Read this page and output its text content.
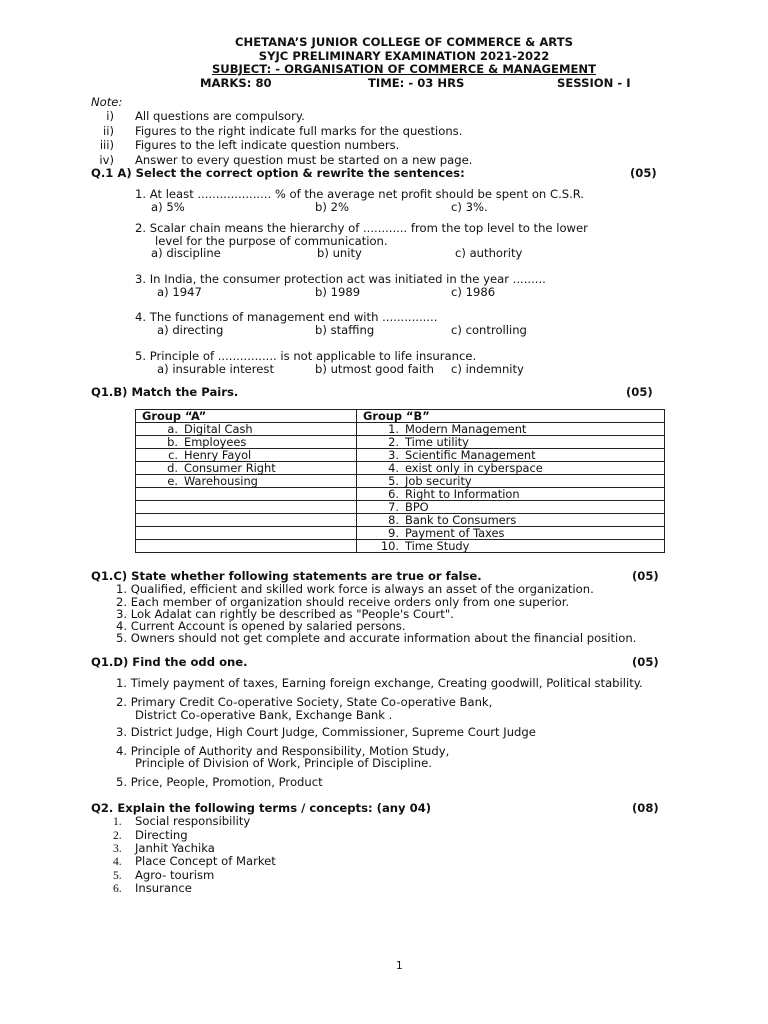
CHETANA’S JUNIOR COLLEGE OF COMMERCE & ARTS
SYJC PRELIMINARY EXAMINATION 2021-2022
SUBJECT: - ORGANISATION OF COMMERCE & MANAGEMENT
MARKS: 80	TIME: - 03 HRS	SESSION - I
Note:
i) All questions are compulsory.
ii) Figures to the right indicate full marks for the questions.
iii) Figures to the left indicate question numbers.
iv) Answer to every question must be started on a new page.
Q.1 A) Select the correct option & rewrite the sentences:	(05)
1. At least .................... % of the average net profit should be spent on C.S.R.
a) 5%	b) 2%	c) 3%.
2. Scalar chain means the hierarchy of ............ from the top level to the lower
level for the purpose of communication.
a) discipline	b) unity	c) authority
3. In India, the consumer protection act was initiated in the year .........
a) 1947	b) 1989	c) 1986
4. The functions of management end with ...............
a) directing	b) staffing	c) controlling
5. Principle of ................ is not applicable to life insurance.
a) insurable interest	b) utmost good faith c) indemnity
Q1.B) Match the Pairs.	(05)
Group “A”	Group “B”
a. Digital Cash	1. Modern Management
b. Employees	2. Time utility
c. Henry Fayol	3. Scientific Management
d. Consumer Right	4. exist only in cyberspace
e. Warehousing	5. Job security
	6. Right to Information
	7. BPO
	8. Bank to Consumers
	9. Payment of Taxes
	10. Time Study
Q1.C) State whether following statements are true or false.	(05)
1. Qualified, efficient and skilled work force is always an asset of the organization.
2. Each member of organization should receive orders only from one superior.
3. Lok Adalat can rightly be described as "People's Court".
4. Current Account is opened by salaried persons.
5. Owners should not get complete and accurate information about the financial position.
Q1.D) Find the odd one.	(05)
1. Timely payment of taxes, Earning foreign exchange, Creating goodwill, Political stability.
2. Primary Credit Co-operative Society, State Co-operative Bank,
District Co-operative Bank, Exchange Bank .
3. District Judge, High Court Judge, Commissioner, Supreme Court Judge
4. Principle of Authority and Responsibility, Motion Study,
Principle of Division of Work, Principle of Discipline.
5. Price, People, Promotion, Product
Q2. Explain the following terms / concepts: (any 04)	(08)
1. Social responsibility
2. Directing
3. Janhit Yachika
4. Place Concept of Market
5. Agro- tourism
6. Insurance
1
